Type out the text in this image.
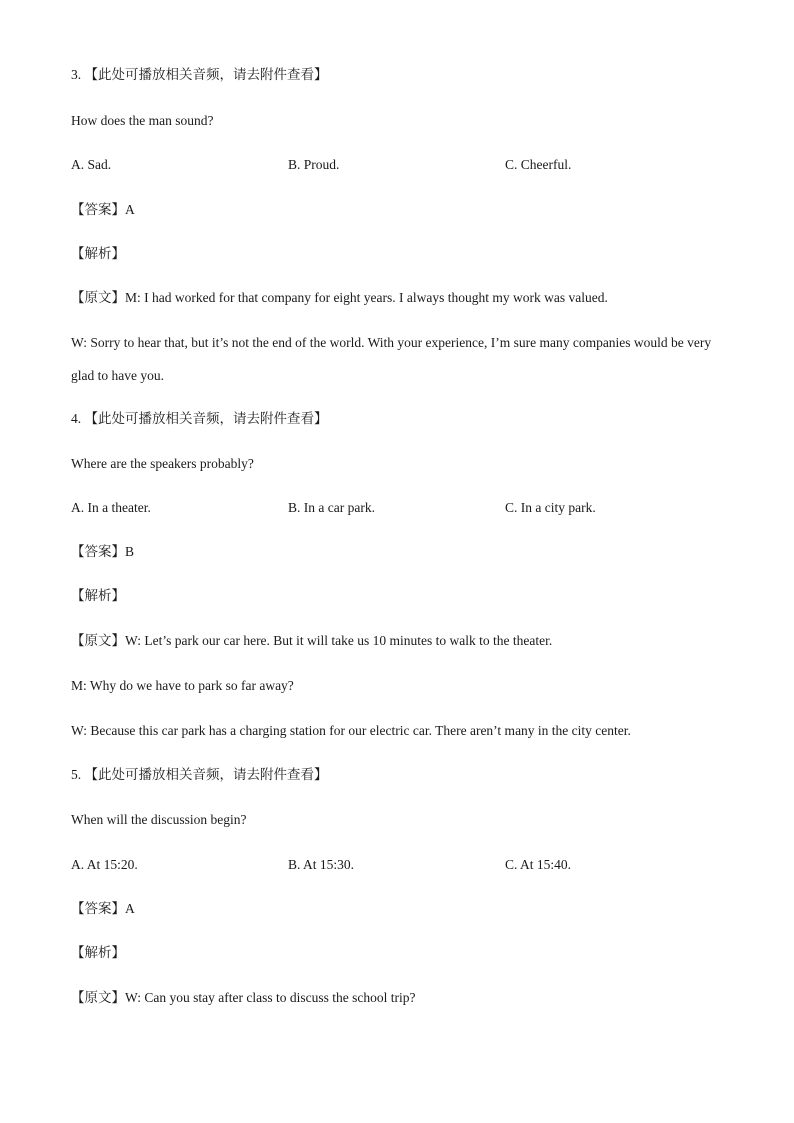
3. 【此处可播放相关音频，请去附件查看】
How does the man sound?
A. Sad.	B. Proud.	C. Cheerful.
【答案】A
【解析】
【原文】M: I had worked for that company for eight years. I always thought my work was valued.
W: Sorry to hear that, but it’s not the end of the world. With your experience, I’m sure many companies would be very glad to have you.
4. 【此处可播放相关音频，请去附件查看】
Where are the speakers probably?
A. In a theater.	B. In a car park.	C. In a city park.
【答案】B
【解析】
【原文】W: Let’s park our car here. But it will take us 10 minutes to walk to the theater.
M: Why do we have to park so far away?
W: Because this car park has a charging station for our electric car. There aren’t many in the city center.
5. 【此处可播放相关音频，请去附件查看】
When will the discussion begin?
A. At 15:20.	B. At 15:30.	C. At 15:40.
【答案】A
【解析】
【原文】W: Can you stay after class to discuss the school trip?
